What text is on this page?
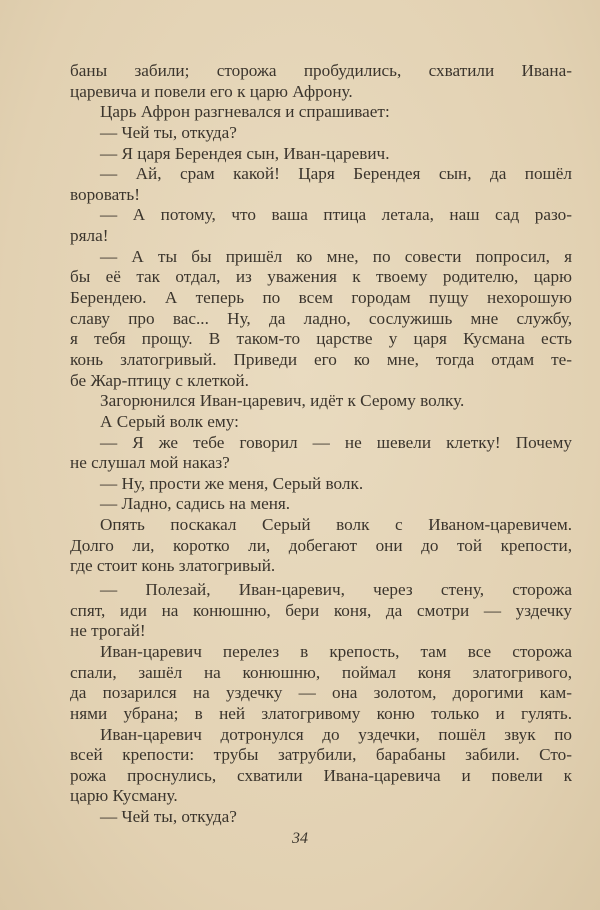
баны забили; сторожа пробудились, схватили Ивана-
царевича и повели его к царю Афрону.
Царь Афрон разгневался и спрашивает:
— Чей ты, откуда?
— Я царя Берендея сын, Иван-царевич.
— Ай, срам какой! Царя Берендея сын, да пошёл
воровать!
— А потому, что ваша птица летала, наш сад разо-
ряла!
— А ты бы пришёл ко мне, по совести попросил, я
бы её так отдал, из уважения к твоему родителю, царю
Берендею. А теперь по всем городам пущу нехорошую
славу про вас... Ну, да ладно, сослужишь мне службу,
я тебя прощу. В таком-то царстве у царя Кусмана есть
конь златогривый. Приведи его ко мне, тогда отдам те-
бе Жар-птицу с клеткой.
Загорюнился Иван-царевич, идёт к Серому волку.
А Серый волк ему:
— Я же тебе говорил — не шевели клетку! Почему
не слушал мой наказ?
— Ну, прости же меня, Серый волк.
— Ладно, садись на меня.
Опять поскакал Серый волк с Иваном-царевичем.
Долго ли, коротко ли, добегают они до той крепости,
где стоит конь златогривый.
— Полезай, Иван-царевич, через стену, сторожа
спят, иди на конюшню, бери коня, да смотри — уздечку
не трогай!
Иван-царевич перелез в крепость, там все сторожа
спали, зашёл на конюшню, поймал коня златогривого,
да позарился на уздечку — она золотом, дорогими кам-
нями убрана; в ней златогривому коню только и гулять.
Иван-царевич дотронулся до уздечки, пошёл звук по
всей крепости: трубы затрубили, барабаны забили. Сто-
рожа проснулись, схватили Ивана-царевича и повели к
царю Кусману.
— Чей ты, откуда?
34
